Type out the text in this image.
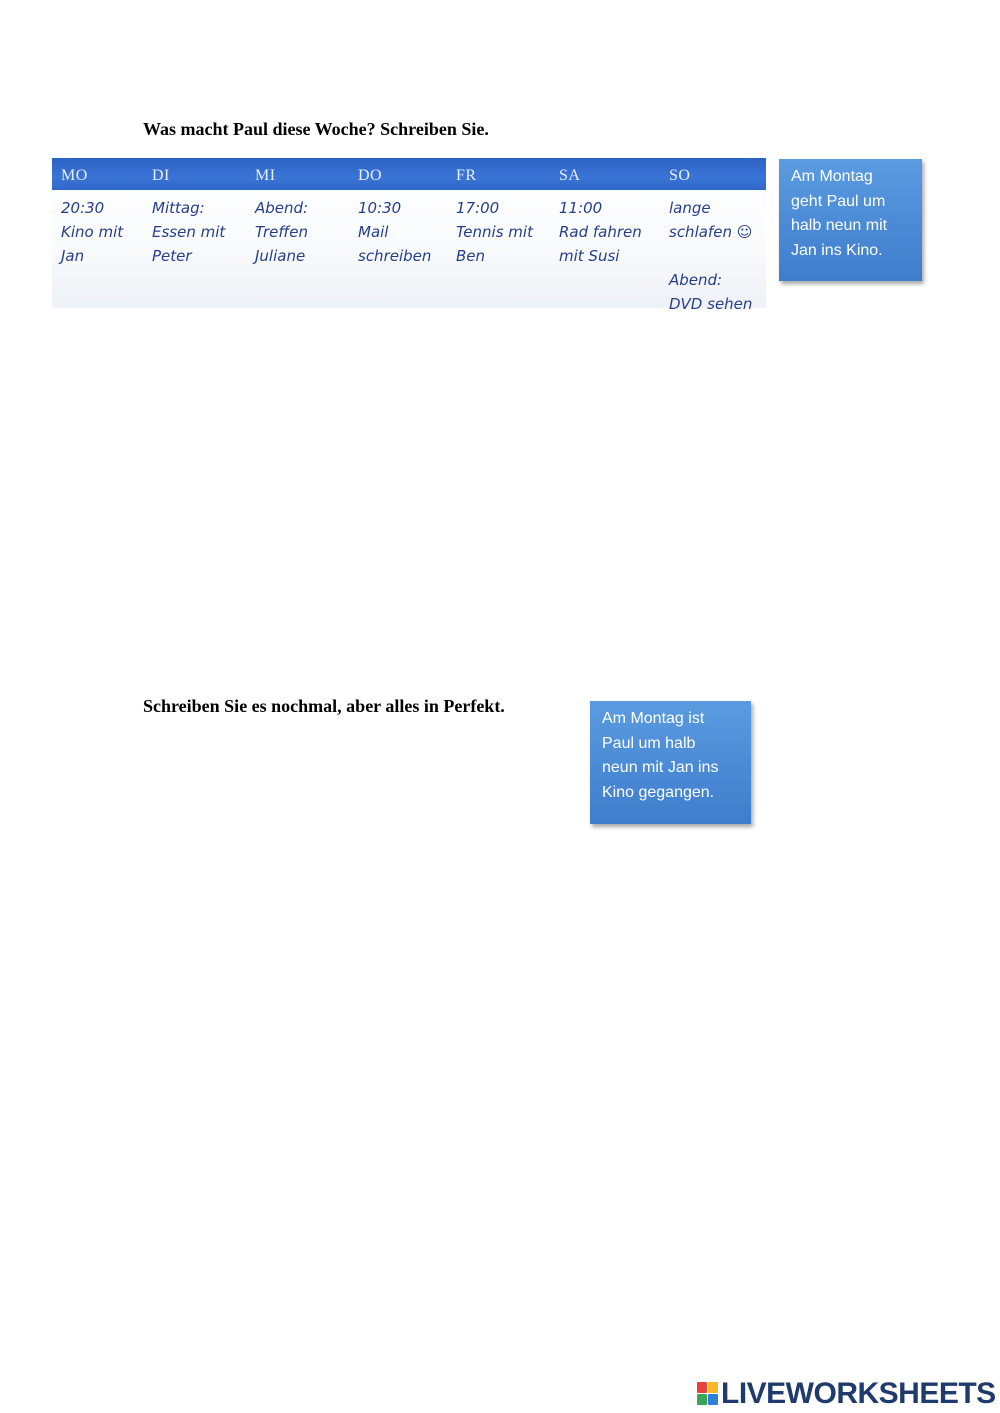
Was macht Paul diese Woche? Schreiben Sie.
MO
20:30
Kino mit
Jan
DI
Mittag:
Essen mit
Peter
MI
Abend:
Treffen
Juliane
DO
10:30
Mail
schreiben
FR
17:00
Tennis mit
Ben
SA
11:00
Rad fahren
mit Susi
SO
lange
schlafen ☺

Abend:
DVD sehen
Am Montag
geht Paul um
halb neun mit
Jan ins Kino.
Schreiben Sie es nochmal, aber alles in Perfekt.
Am Montag ist
Paul um halb
neun mit Jan ins
Kino gegangen.
LIVEWORKSHEETS
